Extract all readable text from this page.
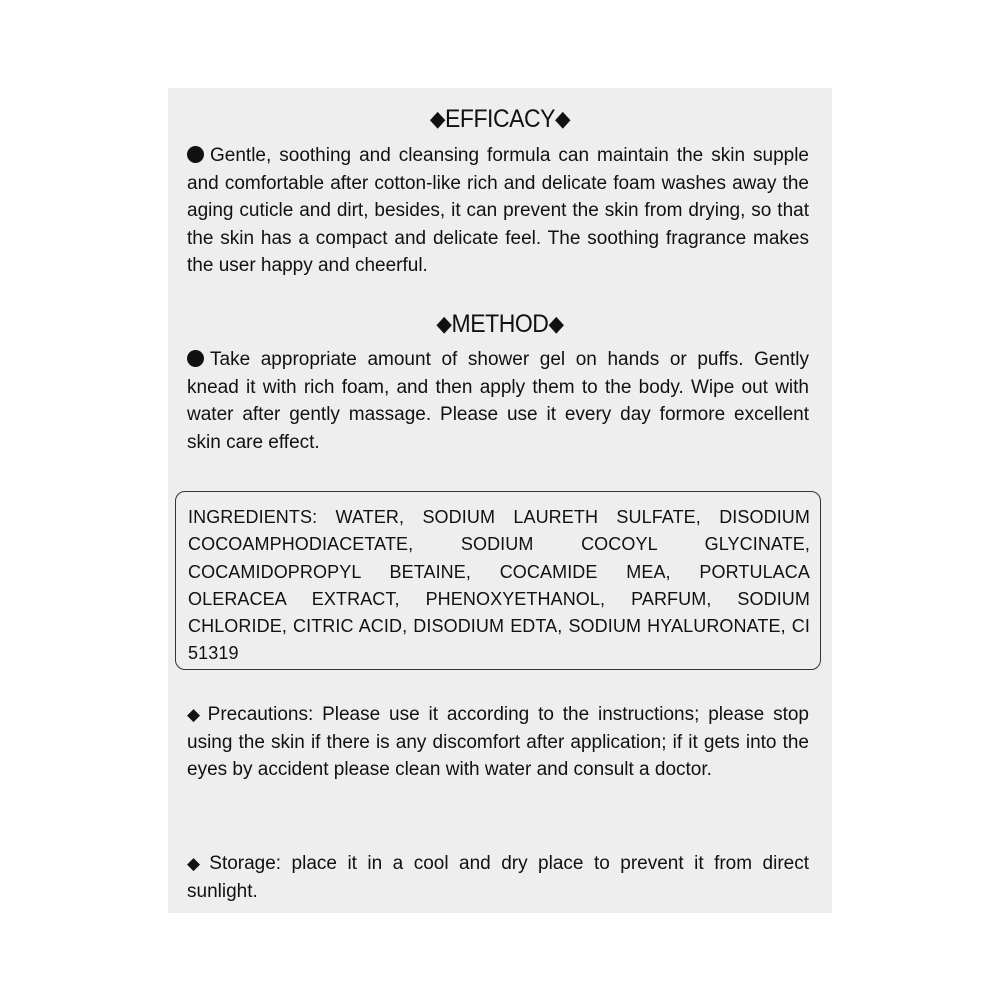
◆EFFICACY◆
Gentle, soothing and cleansing formula can maintain the skin supple and comfortable after cotton-like rich and delicate foam washes away the aging cuticle and dirt, besides, it can prevent the skin from drying, so that the skin has a compact and delicate feel. The soothing fragrance makes the user happy and cheerful.
◆METHOD◆
Take appropriate amount of shower gel on hands or puffs. Gently knead it with rich foam, and then apply them to the body. Wipe out with water after gently massage. Please use it every day formore excellent skin care effect.
INGREDIENTS: WATER, SODIUM LAURETH SULFATE, DISODIUM COCOAMPHODIACETATE, SODIUM COCOYL GLYCINATE, COCAMIDOPROPYL BETAINE, COCAMIDE MEA, PORTULACA OLERACEA EXTRACT, PHENOXYETHANOL, PARFUM, SODIUM CHLORIDE, CITRIC ACID, DISODIUM EDTA, SODIUM HYALURONATE, CI 51319
◆ Precautions: Please use it according to the instructions; please stop using the skin if there is any discomfort after application; if it gets into the eyes by accident please clean with water and consult a doctor.
◆ Storage: place it in a cool and dry place to prevent it from direct sunlight.
